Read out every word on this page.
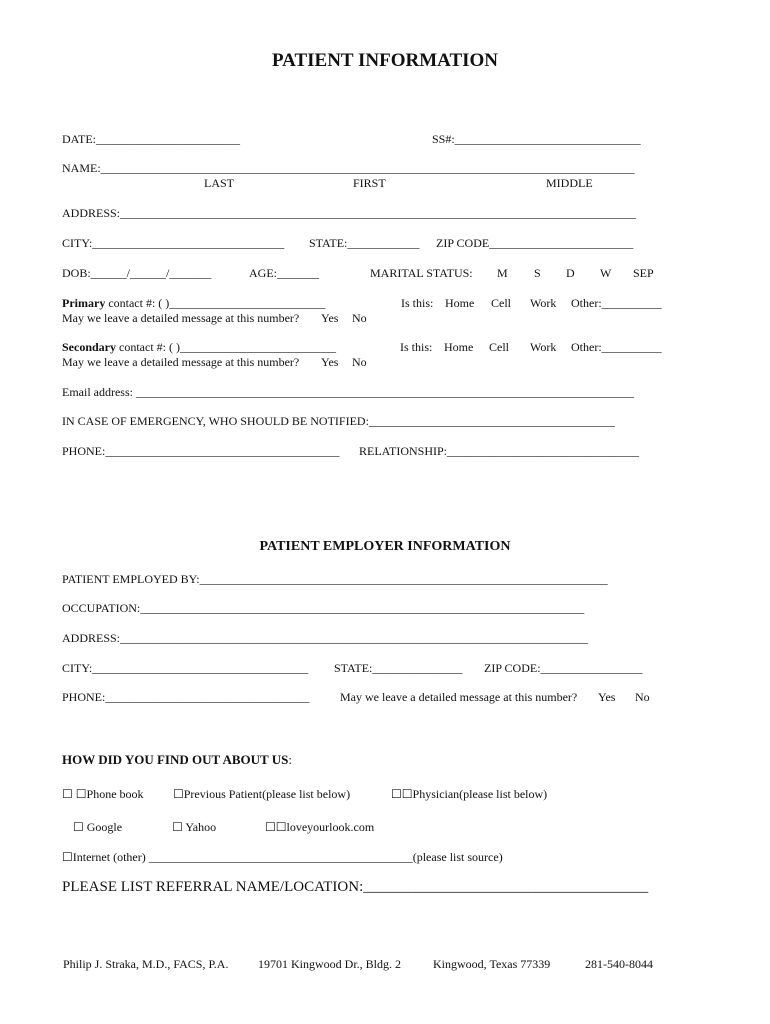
PATIENT INFORMATION
DATE:________________________	SS#:_______________________________
NAME:_________________________________________________________________________________________
LAST	FIRST	MIDDLE
ADDRESS:______________________________________________________________________________________
CITY:________________________________ STATE:____________ ZIP CODE________________________
DOB:______/______/_______	AGE:_______	MARITAL STATUS: M S D W SEP
Primary contact #: ( )__________________________	Is this: Home Cell Work Other:__________
May we leave a detailed message at this number? Yes No
Secondary contact #: ( )__________________________	Is this: Home Cell Work Other:__________
May we leave a detailed message at this number? Yes No
Email address: ___________________________________________________________________________________
IN CASE OF EMERGENCY, WHO SHOULD BE NOTIFIED:_________________________________________
PHONE:_______________________________________ RELATIONSHIP:________________________________
PATIENT EMPLOYER INFORMATION
PATIENT EMPLOYED BY:____________________________________________________________________
OCCUPATION:__________________________________________________________________________
ADDRESS:______________________________________________________________________________
CITY:____________________________________ STATE:_______________ ZIP CODE:_________________
PHONE:__________________________________	May we leave a detailed message at this number? Yes No
HOW DID YOU FIND OUT ABOUT US:
☐ ☐Phone book ☐Previous Patient(please list below)	☐☐Physician(please list below)
☐ Google	☐ Yahoo	☐☐loveyourlook.com
☐Internet (other) ____________________________________________(please list source)
PLEASE LIST REFERRAL NAME/LOCATION:______________________________________
Philip J. Straka, M.D., FACS, P.A. 19701 Kingwood Dr., Bldg. 2	Kingwood, Texas 77339	281-540-8044
